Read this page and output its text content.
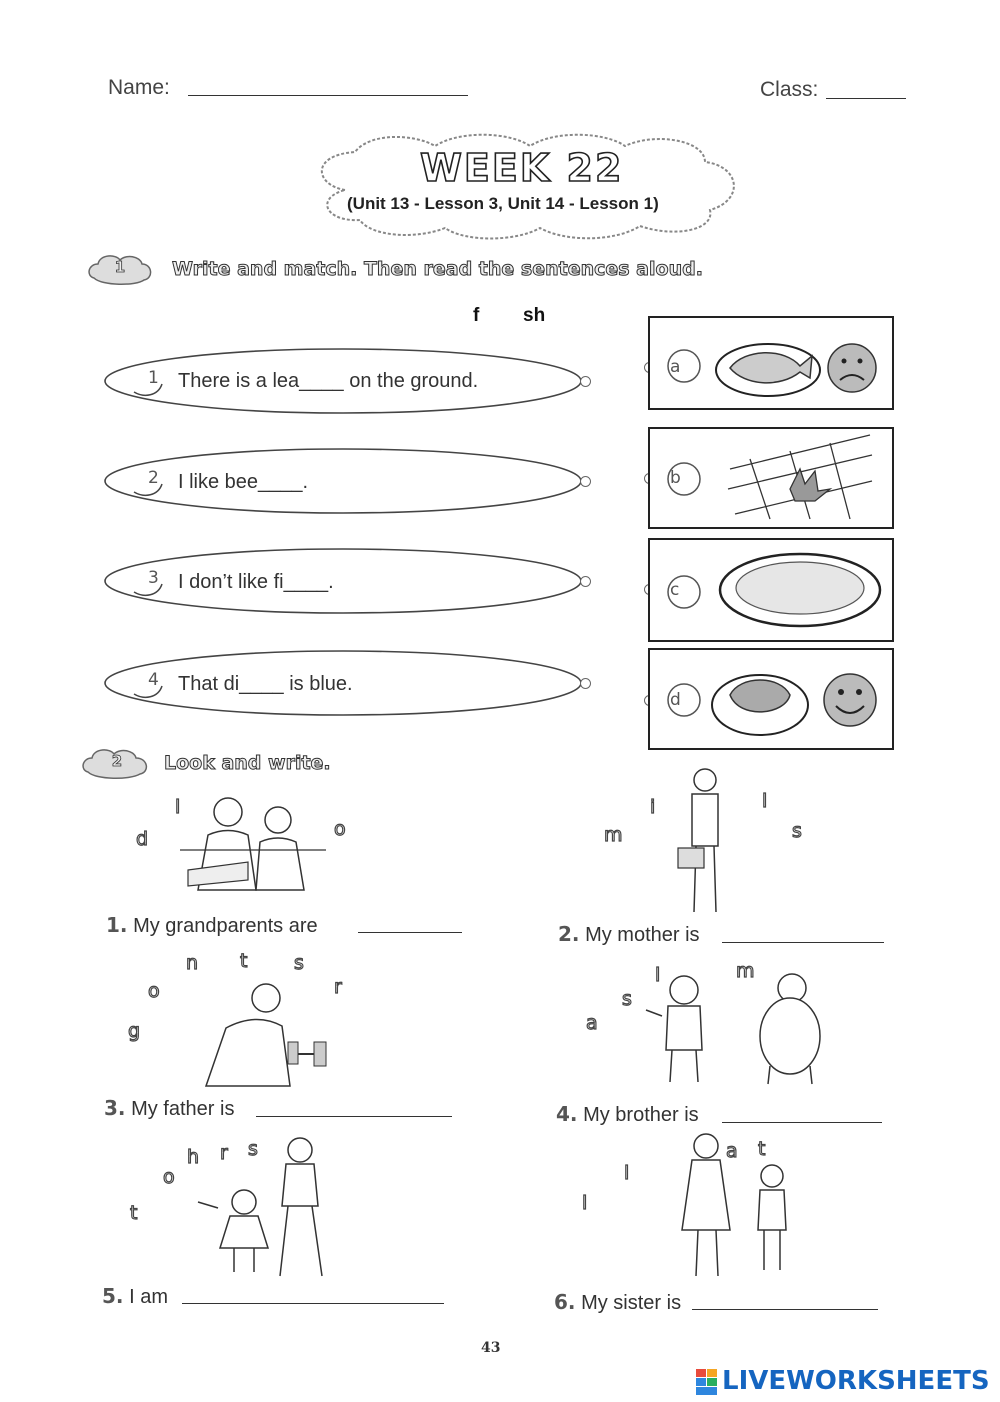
Name:	Class:
WEEK 22
(Unit 13 - Lesson 3, Unit 14 - Lesson 1)
1	Write and match. Then read the sentences aloud.
f sh
1 There is a lea____ on the ground.
2 I like bee____.
3 I don’t like fi____.
4 That di____ is blue.
a
b
c
d
2	Look and write.
l
d	o
1. My grandparents are
i	l
m	s
2. My mother is
n t s
o	r
g
3. My father is
l	m
s
a
4. My brother is
h r s
o
t
5. I am
a t
l
l
6. My sister is
43
LIVEWORKSHEETS
